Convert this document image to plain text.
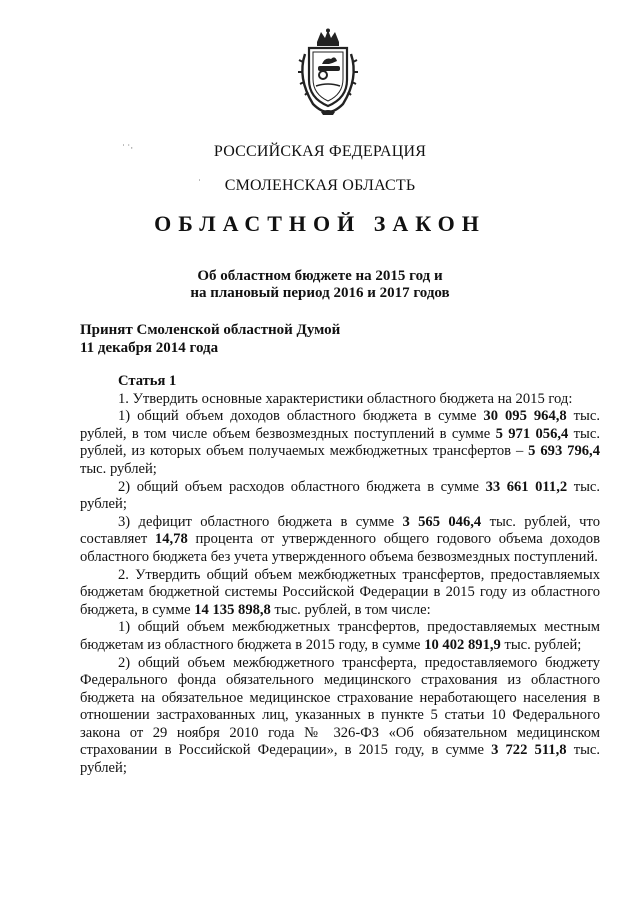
˙ ˙·
˙
РОССИЙСКАЯ ФЕДЕРАЦИЯ
СМОЛЕНСКАЯ ОБЛАСТЬ
ОБЛАСТНОЙ ЗАКОН
Об областном бюджете на 2015 год и
на плановый период 2016 и 2017 годов
Принят Смоленской областной Думой
11 декабря 2014 года

Статья 1

1. Утвердить основные характеристики областного бюджета на 2015 год:

1) общий объем доходов областного бюджета в сумме 30 095 964,8 тыс. рублей, в том числе объем безвозмездных поступлений в сумме 5 971 056,4 тыс. рублей, из которых объем получаемых межбюджетных трансфертов – 5 693 796,4 тыс. рублей;

2) общий объем расходов областного бюджета в сумме 33 661 011,2 тыс. рублей;

3) дефицит областного бюджета в сумме 3 565 046,4 тыс. рублей, что составляет 14,78 процента от утвержденного общего годового объема доходов областного бюджета без учета утвержденного объема безвозмездных поступлений.

2. Утвердить общий объем межбюджетных трансфертов, предоставляемых бюджетам бюджетной системы Российской Федерации в 2015 году из областного бюджета, в сумме 14 135 898,8 тыс. рублей, в том числе:

1) общий объем межбюджетных трансфертов, предоставляемых местным бюджетам из областного бюджета в 2015 году, в сумме 10 402 891,9 тыс. рублей;

2) общий объем межбюджетного трансферта, предоставляемого бюджету Федерального фонда обязательного медицинского страхования из областного бюджета на обязательное медицинское страхование неработающего населения в отношении застрахованных лиц, указанных в пункте 5 статьи 10 Федерального закона от 29 ноября 2010 года № 326-ФЗ «Об обязательном медицинском страховании в Российской Федерации», в 2015 году, в сумме 3 722 511,8 тыс. рублей;
